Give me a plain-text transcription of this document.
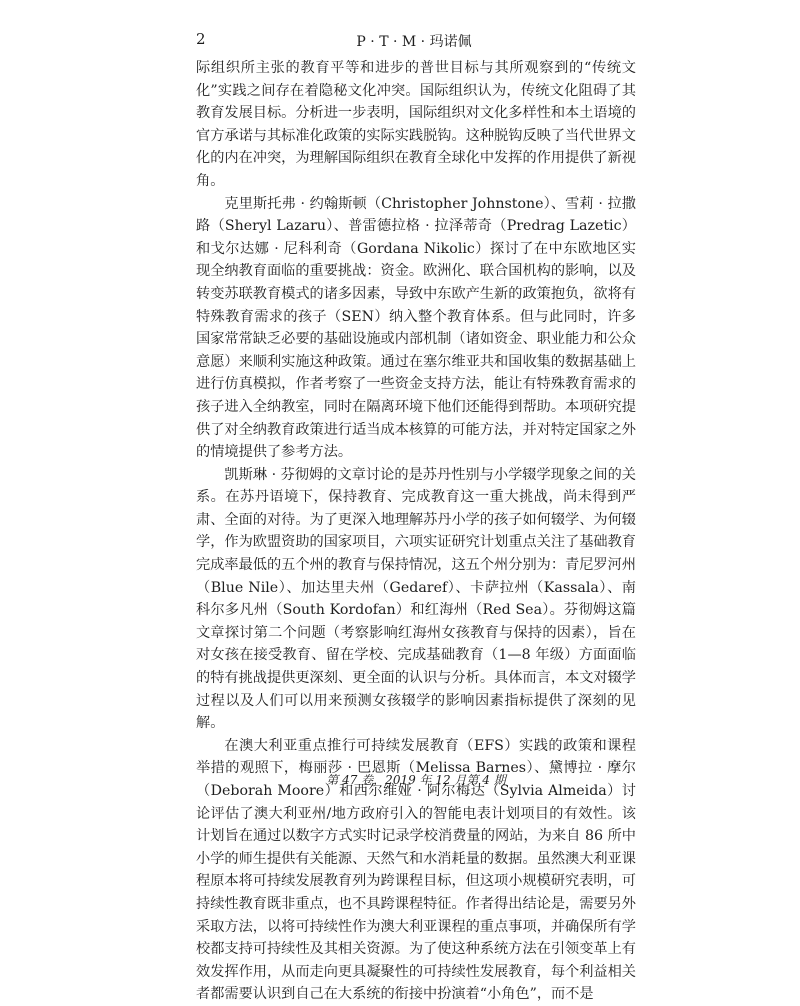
2	P · T · M · 玛诺佩

际组织所主张的教育平等和进步的普世目标与其所观察到的“传统文化”实践之间存在着隐秘文化冲突。国际组织认为，传统文化阻碍了其教育发展目标。分析进一步表明，国际组织对文化多样性和本土语境的官方承诺与其标准化政策的实际实践脱钩。这种脱钩反映了当代世界文化的内在冲突，为理解国际组织在教育全球化中发挥的作用提供了新视角。

克里斯托弗 · 约翰斯顿（Christopher Johnstone）、雪莉 · 拉撒路（Sheryl Lazaru）、普雷德拉格 · 拉泽蒂奇（Predrag Lazetic）和戈尔达娜 · 尼科利奇（Gordana Nikolic）探讨了在中东欧地区实现全纳教育面临的重要挑战：资金。欧洲化、联合国机构的影响，以及转变苏联教育模式的诸多因素，导致中东欧产生新的政策抱负，欲将有特殊教育需求的孩子（SEN）纳入整个教育体系。但与此同时，许多国家常常缺乏必要的基础设施或内部机制（诸如资金、职业能力和公众意愿）来顺利实施这种政策。通过在塞尔维亚共和国收集的数据基础上进行仿真模拟，作者考察了一些资金支持方法，能让有特殊教育需求的孩子进入全纳教室，同时在隔离环境下他们还能得到帮助。本项研究提供了对全纳教育政策进行适当成本核算的可能方法，并对特定国家之外的情境提供了参考方法。

凯斯琳 · 芬彻姆的文章讨论的是苏丹性别与小学辍学现象之间的关系。在苏丹语境下，保持教育、完成教育这一重大挑战，尚未得到严肃、全面的对待。为了更深入地理解苏丹小学的孩子如何辍学、为何辍学，作为欧盟资助的国家项目，六项实证研究计划重点关注了基础教育完成率最低的五个州的教育与保持情况，这五个州分别为：青尼罗河州（Blue Nile）、加达里夫州（Gedaref）、卡萨拉州（Kassala）、南科尔多凡州（South Kordofan）和红海州（Red Sea）。芬彻姆这篇文章探讨第二个问题（考察影响红海州女孩教育与保持的因素），旨在对女孩在接受教育、留在学校、完成基础教育（1—8 年级）方面面临的特有挑战提供更深刻、更全面的认识与分析。具体而言，本文对辍学过程以及人们可以用来预测女孩辍学的影响因素指标提供了深刻的见解。

在澳大利亚重点推行可持续发展教育（EFS）实践的政策和课程举措的观照下，梅丽莎 · 巴恩斯（Melissa Barnes）、黛博拉 · 摩尔（Deborah Moore）和西尔维娅 · 阿尔梅达（Sylvia Almeida）讨论评估了澳大利亚州/地方政府引入的智能电表计划项目的有效性。该计划旨在通过以数字方式实时记录学校消费量的网站，为来自 86 所中小学的师生提供有关能源、天然气和水消耗量的数据。虽然澳大利亚课程原本将可持续发展教育列为跨课程目标，但这项小规模研究表明，可持续性教育既非重点，也不具跨课程特征。作者得出结论是，需要另外采取方法，以将可持续性作为澳大利亚课程的重点事项，并确保所有学校都支持可持续性及其相关资源。为了使这种系统方法在引领变革上有效发挥作用，从而走向更具凝聚性的可持续性发展教育，每个利益相关者都需要认识到自己在大系统的衔接中扮演着“小角色”，而不是

第 47 卷，2019 年 12 月第 4 期
